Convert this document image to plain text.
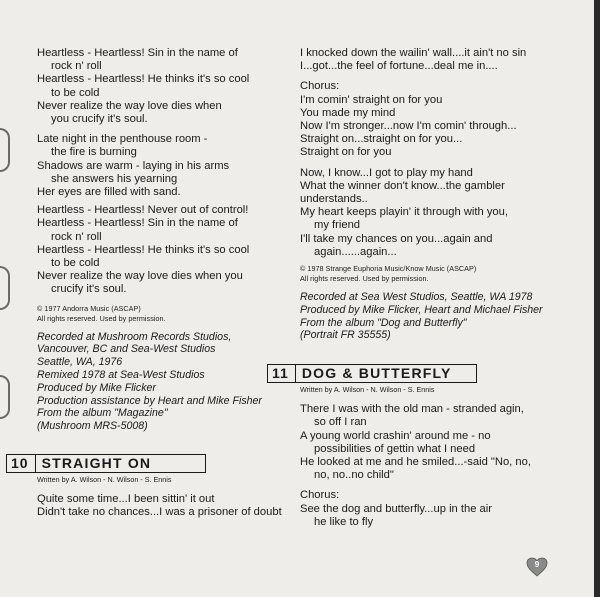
Heartless - Heartless! Sin in the name of
rock n' roll
Heartless - Heartless! He thinks it's so cool
to be cold
Never realize the way love dies when
you crucify it's soul.
Late night in the penthouse room -
the fire is burning
Shadows are warm - laying in his arms
she answers his yearning
Her eyes are filled with sand.
Heartless - Heartless! Never out of control!
Heartless - Heartless! Sin in the name of
rock n' roll
Heartless - Heartless! He thinks it's so cool
to be cold
Never realize the way love dies when you
crucify it's soul.
© 1977 Andorra Music (ASCAP)
All rights reserved. Used by permission.
Recorded at Mushroom Records Studios,
Vancouver, BC and Sea-West Studios
Seattle, WA, 1976
Remixed 1978 at Sea-West Studios
Produced by Mike Flicker
Production assistance by Heart and Mike Fisher
From the album "Magazine"
(Mushroom MRS-5008)
10 STRAIGHT ON
Written by A. Wilson - N. Wilson - S. Ennis
Quite some time...I been sittin' it out
Didn't take no chances...I was a prisoner of doubt
I knocked down the wailin' wall....it ain't no sin
I...got...the feel of fortune...deal me in....
Chorus:
I'm comin' straight on for you
You made my mind
Now I'm stronger...now I'm comin' through...
Straight on...straight on for you...
Straight on for you
Now, I know...I got to play my hand
What the winner don't know...the gambler
understands..
My heart keeps playin' it through with you,
my friend
I'll take my chances on you...again and
again......again...
© 1978 Strange Euphoria Music/Know Music (ASCAP)
All rights reserved. Used by permission.
Recorded at Sea West Studios, Seattle, WA 1978
Produced by Mike Flicker, Heart and Michael Fisher
From the album "Dog and Butterfly"
(Portrait FR 35555)
11 DOG & BUTTERFLY
Written by A. Wilson - N. Wilson - S. Ennis
There I was with the old man - stranded agin,
so off I ran
A young world crashin' around me - no
possibilities of gettin what I need
He looked at me and he smiled...-said "No, no,
no, no..no child"
Chorus:
See the dog and butterfly...up in the air
he like to fly
9
